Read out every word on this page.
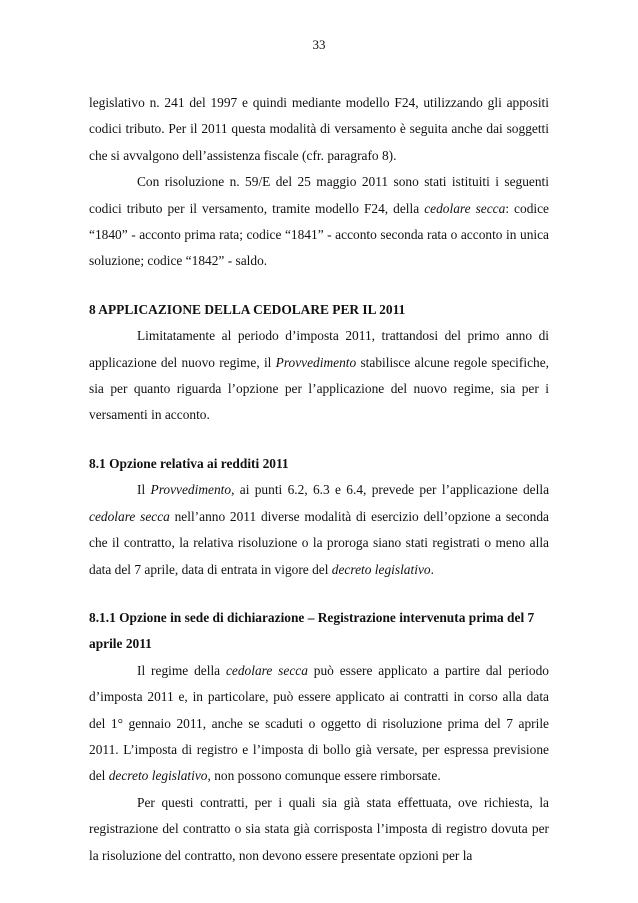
33

legislativo n. 241 del 1997 e quindi mediante modello F24, utilizzando gli appositi codici tributo. Per il 2011 questa modalità di versamento è seguita anche dai soggetti che si avvalgono dell’assistenza fiscale (cfr. paragrafo 8).

Con risoluzione n. 59/E del 25 maggio 2011 sono stati istituiti i seguenti codici tributo per il versamento, tramite modello F24, della cedolare secca: codice “1840” - acconto prima rata; codice “1841” - acconto seconda rata o acconto in unica soluzione; codice “1842” - saldo.

8 APPLICAZIONE DELLA CEDOLARE PER IL 2011

Limitatamente al periodo d’imposta 2011, trattandosi del primo anno di applicazione del nuovo regime, il Provvedimento stabilisce alcune regole specifiche, sia per quanto riguarda l’opzione per l’applicazione del nuovo regime, sia per i versamenti in acconto.

8.1 Opzione relativa ai redditi 2011

Il Provvedimento, ai punti 6.2, 6.3 e 6.4, prevede per l’applicazione della cedolare secca nell’anno 2011 diverse modalità di esercizio dell’opzione a seconda che il contratto, la relativa risoluzione o la proroga siano stati registrati o meno alla data del 7 aprile, data di entrata in vigore del decreto legislativo.

8.1.1 Opzione in sede di dichiarazione – Registrazione intervenuta prima del 7 aprile 2011

Il regime della cedolare secca può essere applicato a partire dal periodo d’imposta 2011 e, in particolare, può essere applicato ai contratti in corso alla data del 1° gennaio 2011, anche se scaduti o oggetto di risoluzione prima del 7 aprile 2011. L’imposta di registro e l’imposta di bollo già versate, per espressa previsione del decreto legislativo, non possono comunque essere rimborsate.

Per questi contratti, per i quali sia già stata effettuata, ove richiesta, la registrazione del contratto o sia stata già corrisposta l’imposta di registro dovuta per la risoluzione del contratto, non devono essere presentate opzioni per la
